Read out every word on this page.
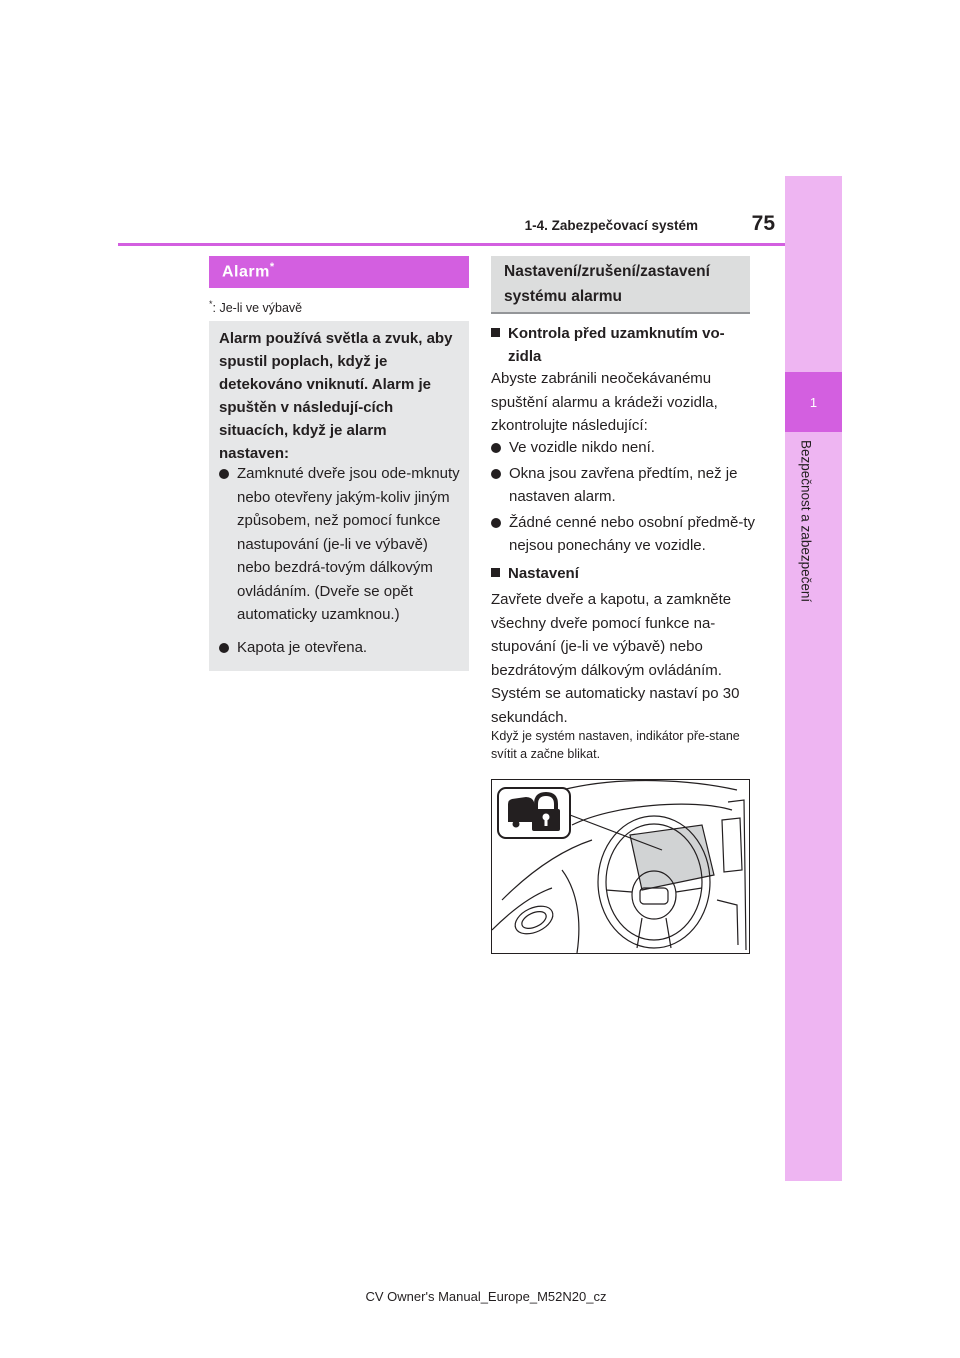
1
Bezpečnost a zabezpečení
1-4. Zabezpečovací systém	75
Alarm*
*: Je-li ve výbavě

Alarm používá světla a zvuk, aby spustil poplach, když je detekováno vniknutí. Alarm je spuštěn v následují-cích situacích, když je alarm nastaven:

Zamknuté dveře jsou ode-mknuty nebo otevřeny jakým-koliv jiným způsobem, než pomocí funkce nastupování (je-li ve výbavě) nebo bezdrá-tovým dálkovým ovládáním. (Dveře se opět automaticky uzamknou.)
Kapota je otevřena.
Nastavení/zrušení/zastavení systému alarmu
Kontrola před uzamknutím vo-
zidla

Abyste zabránili neočekávanému spuštění alarmu a krádeži vozidla, zkontrolujte následující:

Ve vozidle nikdo není.
Okna jsou zavřena předtím, než je nastaven alarm.
Žádné cenné nebo osobní předmě-ty nejsou ponechány ve vozidle.
Nastavení

Zavřete dveře a kapotu, a zamkněte všechny dveře pomocí funkce na-stupování (je-li ve výbavě) nebo bezdrátovým dálkovým ovládáním. Systém se automaticky nastaví po 30 sekundách.

Když je systém nastaven, indikátor pře-stane svítit a začne blikat.

CV Owner's Manual_Europe_M52N20_cz
